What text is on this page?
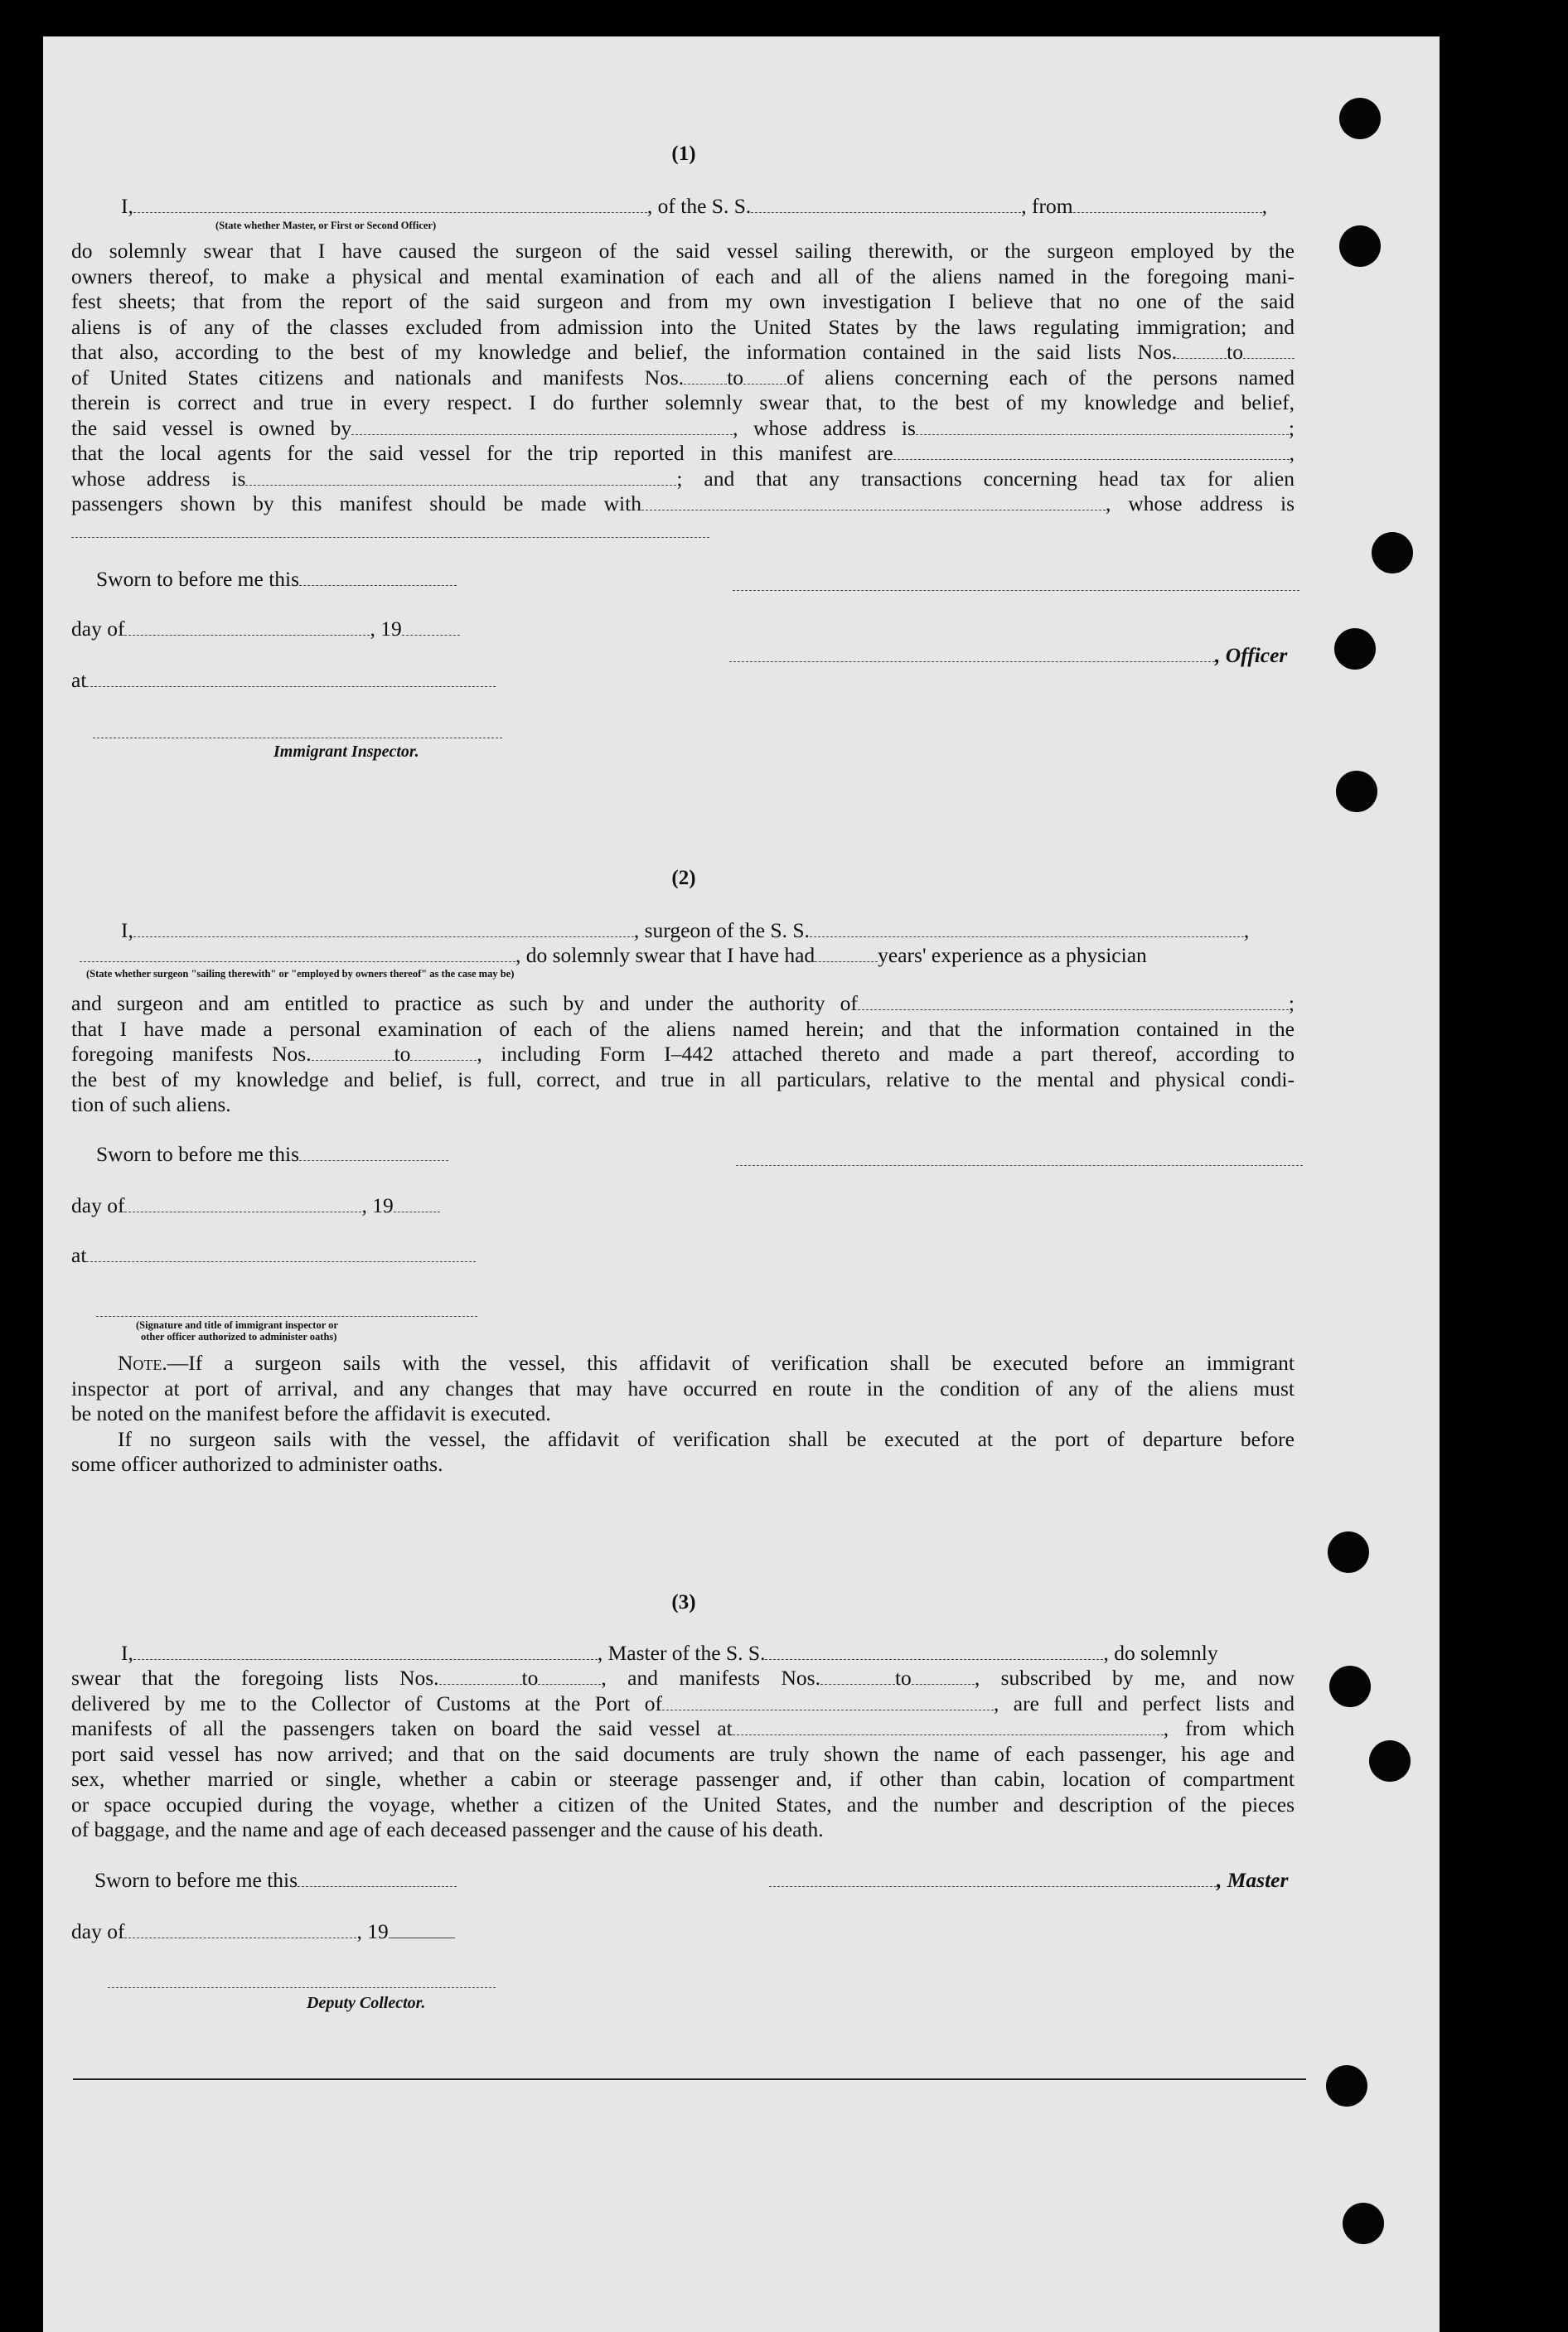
(1)
I,	, of the S. S.	, from	,
(State whether Master, or First or Second Officer)
do solemnly swear that I have caused the surgeon of the said vessel sailing therewith, or the surgeon employed by the
owners thereof, to make a physical and mental examination of each and all of the aliens named in the foregoing mani-
fest sheets; that from the report of the said surgeon and from my own investigation I believe that no one of the said
aliens is of any of the classes excluded from admission into the United States by the laws regulating immigration; and
that also, according to the best of my knowledge and belief, the information contained in the said lists Nos. to
of United States citizens and nationals and manifests Nos. to of aliens concerning each of the persons named
therein is correct and true in every respect. I do further solemnly swear that, to the best of my knowledge and belief,
the said vessel is owned by	, whose address is	;
that the local agents for the said vessel for the trip reported in this manifest are	,
whose address is	; and that any transactions concerning head tax for alien
passengers shown by this manifest should be made with	, whose address is
Sworn to before me this
day of	, 19
, Officer
at
Immigrant Inspector.
(2)
I,	, surgeon of the S. S.	,
, do solemnly swear that I have had	years' experience as a physician
(State whether surgeon "sailing therewith" or "employed by owners thereof" as the case may be)
and surgeon and am entitled to practice as such by and under the authority of	;
that I have made a personal examination of each of the aliens named herein; and that the information contained in the
foregoing manifests Nos.	to	, including Form I–442 attached thereto and made a part thereof, according to
the best of my knowledge and belief, is full, correct, and true in all particulars, relative to the mental and physical condi-
tion of such aliens.
Sworn to before me this
day of	, 19
at
(Signature and title of immigrant inspector or
other officer authorized to administer oaths)
Note.—If a surgeon sails with the vessel, this affidavit of verification shall be executed before an immigrant
inspector at port of arrival, and any changes that may have occurred en route in the condition of any of the aliens must
be noted on the manifest before the affidavit is executed.
If no surgeon sails with the vessel, the affidavit of verification shall be executed at the port of departure before
some officer authorized to administer oaths.
(3)
I,	, Master of the S. S.	, do solemnly
swear that the foregoing lists Nos.	to	, and manifests Nos.	to	, subscribed by me, and now
delivered by me to the Collector of Customs at the Port of	, are full and perfect lists and
manifests of all the passengers taken on board the said vessel at	, from which
port said vessel has now arrived; and that on the said documents are truly shown the name of each passenger, his age and
sex, whether married or single, whether a cabin or steerage passenger and, if other than cabin, location of compartment
or space occupied during the voyage, whether a citizen of the United States, and the number and description of the pieces
of baggage, and the name and age of each deceased passenger and the cause of his death.
Sworn to before me this	, Master
day of	, 19
Deputy Collector.
